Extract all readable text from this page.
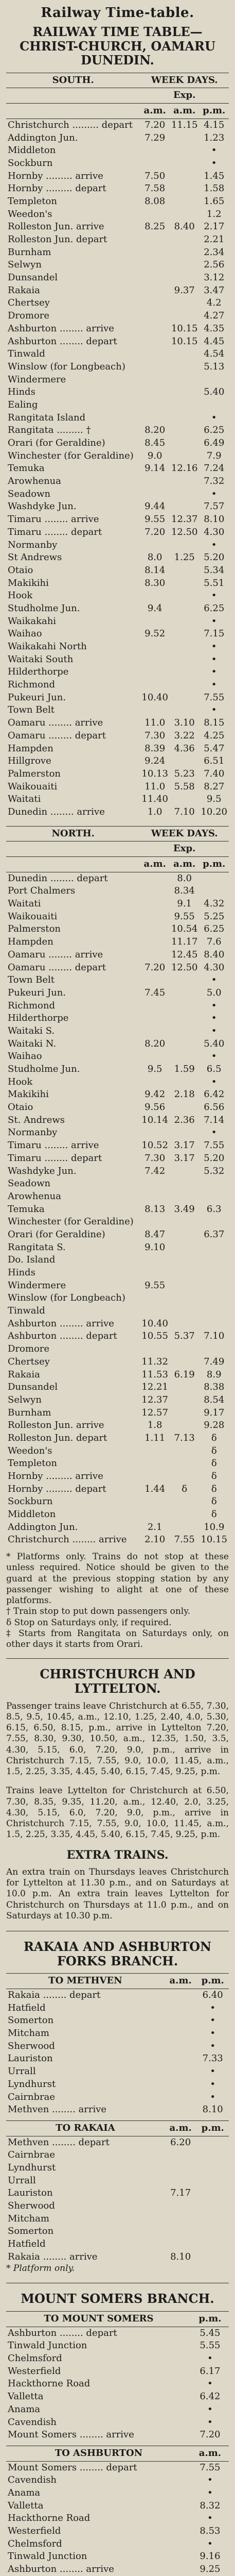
Railway Time-table.
RAILWAY TIME TABLE—CHRIST-CHURCH, OAMARU DUNEDIN.
SOUTH.	WEEK DAYS.		
		Exp.	
	a.m.	a.m.	p.m.
Christchurch ......... depart	7.20	11.15	4.15
Addington Jun.	7.29		1.23
Middleton			•
Sockburn			•
Hornby ......... arrive	7.50		1.45
Hornby ......... depart	7.58		1.58
Templeton	8.08		1.65
Weedon's			1.2
Rolleston Jun. arrive	8.25	8.40	2.17
Rolleston Jun. depart			2.21
Burnham			2.34
Selwyn			2.56
Dunsandel			3.12
Rakaia		9.37	3.47
Chertsey			4.2
Dromore			4.27
Ashburton ........ arrive		10.15	4.35
Ashburton ........ depart		10.15	4.45
Tinwald			4.54
Winslow (for Longbeach)			5.13
Windermere			
Hinds			5.40
Ealing			
Rangitata Island			•
Rangitata ......... †	8.20		6.25
Orari (for Geraldine)	8.45		6.49
Winchester (for Geraldine)	9.0		7.9
Temuka	9.14	12.16	7.24
Arowhenua			7.32
Seadown			•
Washdyke Jun.	9.44		7.57
Timaru ........ arrive	9.55	12.37	8.10
Timaru ........ depart	7.20	12.50	4.30
Normanby			•
St Andrews	8.0	1.25	5.20
Otaio	8.14		5.34
Makikihi	8.30		5.51
Hook			•
Studholme Jun.	9.4		6.25
Waikakahi			•
Waihao	9.52		7.15
Waikakahi North			•
Waitaki South			•
Hilderthorpe			•
Richmond			•
Pukeuri Jun.	10.40		7.55
Town Belt			•
Oamaru ........ arrive	11.0	3.10	8.15
Oamaru ........ depart	7.30	3.22	4.25
Hampden	8.39	4.36	5.47
Hillgrove	9.24		6.51
Palmerston	10.13	5.23	7.40
Waikouaiti	11.0	5.58	8.27
Waitati	11.40		9.5
Dunedin ........ arrive	1.0	7.10	10.20
NORTH.	WEEK DAYS.		
		Exp.	
	a.m.	a.m.	p.m.
Dunedin ........ depart		8.0	
Port Chalmers		8.34	
Waitati		9.1	4.32
Waikouaiti		9.55	5.25
Palmerston		10.54	6.25
Hampden		11.17	7.6
Oamaru ........ arrive		12.45	8.40
Oamaru ........ depart	7.20	12.50	4.30
Town Belt			•
Pukeuri Jun.	7.45		5.0
Richmond			•
Hilderthorpe			•
Waitaki S.			•
Waitaki N.	8.20		5.40
Waihao			•
Studholme Jun.	9.5	1.59	6.5
Hook			•
Makikihi	9.42	2.18	6.42
Otaio	9.56		6.56
St. Andrews	10.14	2.36	7.14
Normanby			•
Timaru ........ arrive	10.52	3.17	7.55
Timaru ........ depart	7.30	3.17	5.20
Washdyke Jun.	7.42		5.32
Seadown			
Arowhenua			
Temuka	8.13	3.49	6.3
Winchester (for Geraldine)			
Orari (for Geraldine)	8.47		6.37
Rangitata S.	9.10		
Do. Island			
Hinds			
Windermere	9.55		
Winslow (for Longbeach)			
Tinwald			
Ashburton ........ arrive	10.40		
Ashburton ........ depart	10.55	5.37	7.10
Dromore			
Chertsey	11.32		7.49
Rakaia	11.53	6.19	8.9
Dunsandel	12.21		8.38
Selwyn	12.37		8.54
Burnham	12.57		9.17
Rolleston Jun. arrive	1.8		9.28
Rolleston Jun. depart	1.11	7.13	δ
Weedon's			δ
Templeton			δ
Hornby ......... arrive			δ
Hornby ......... depart	1.44	δ	δ
Sockburn			δ
Middleton			δ
Addington Jun.	2.1		10.9
Christchurch ........ arrive	2.10	7.55	10.15
* Platforms only. Trains do not stop at these unless required. Notice should be given to the guard at the previous stopping station by any passenger wishing to alight at one of these platforms.
† Train stop to put down passengers only.
δ Stop on Saturdays only, if required.
‡ Starts from Rangitata on Saturdays only, on other days it starts from Orari.
CHRISTCHURCH AND LYTTELTON.
Passenger trains leave Christchurch at 6.55, 7.30, 8.5, 9.5, 10.45, a.m., 12.10, 1.25, 2.40, 4.0, 5.30, 6.15, 6.50, 8.15, p.m., arrive in Lyttelton 7.20, 7.55, 8.30, 9.30, 10.50, a.m., 12.35, 1.50, 3.5, 4.30, 5.15, 6.0, 7.20, 9.0, p.m., arrive in Christchurch 7.15, 7.55, 9.0, 10.0, 11.45, a.m., 1.5, 2.25, 3.35, 4.45, 5.40, 6.15, 7.45, 9.25, p.m.
Trains leave Lyttelton for Christchurch at 6.50, 7.30, 8.35, 9.35, 11.20, a.m., 12.40, 2.0, 3.25, 4.30, 5.15, 6.0, 7.20, 9.0, p.m., arrive in Christchurch 7.15, 7.55, 9.0, 10.0, 11.45, a.m., 1.5, 2.25, 3.35, 4.45, 5.40, 6.15, 7.45, 9.25, p.m.
EXTRA TRAINS.
An extra train on Thursdays leaves Christchurch for Lyttelton at 11.30 p.m., and on Saturdays at 10.0 p.m. An extra train leaves Lyttelton for Christchurch on Thursdays at 11.0 p.m., and on Saturdays at 10.30 p.m.
RAKAIA AND ASHBURTON FORKS BRANCH.
TO METHVEN	a.m.	p.m.
Rakaia ........ depart		6.40
Hatfield		•
Somerton		•
Mitcham		•
Sherwood		•
Lauriston		7.33
Urrall		•
Lyndhurst		•
Cairnbrae		•
Methven ........ arrive		8.10
TO RAKAIA	a.m.	p.m.
Methven ........ depart	6.20	
Cairnbrae		
Lyndhurst		
Urrall		
Lauriston	7.17	
Sherwood		
Mitcham		
Somerton		
Hatfield		
Rakaia ........ arrive	8.10	
* Platform only.
MOUNT SOMERS BRANCH.
TO MOUNT SOMERS	p.m.
Ashburton ........ depart	5.45
Tinwald Junction	5.55
Chelmsford	•
Westerfield	6.17
Hackthorne Road	•
Valletta	6.42
Anama	•
Cavendish	•
Mount Somers ........ arrive	7.20
TO ASHBURTON	a.m.
Mount Somers ........ depart	7.55
Cavendish	•
Anama	•
Valletta	8.32
Hackthorne Road	•
Westerfield	8.53
Chelmsford	•
Tinwald Junction	9.16
Ashburton ........ arrive	9.25
